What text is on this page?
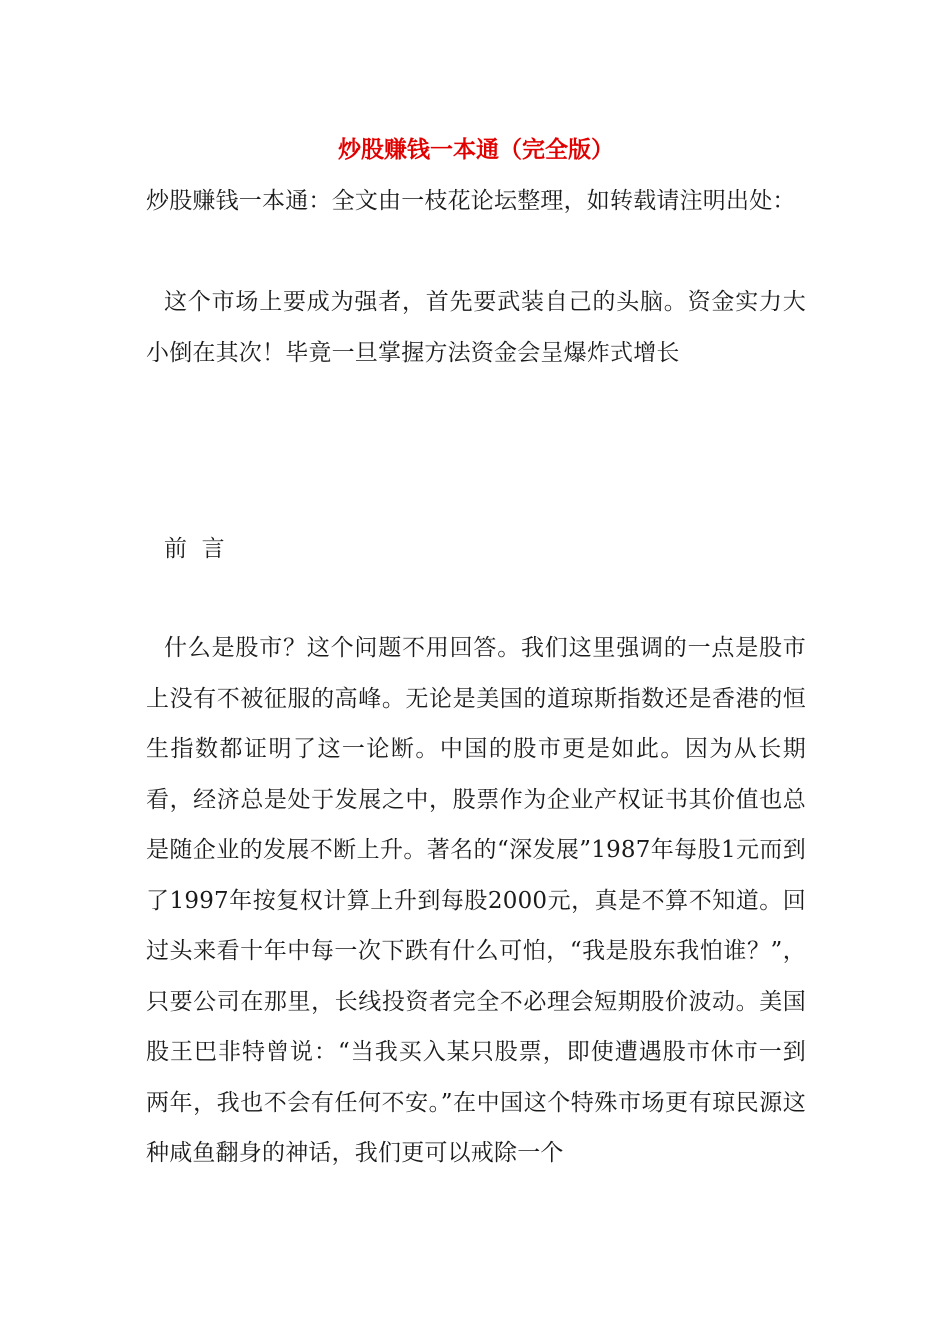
炒股赚钱一本通（完全版）

炒股赚钱一本通：全文由一枝花论坛整理，如转载请注明出处：

这个市场上要成为强者，首先要武装自己的头脑。资金实力大小倒在其次！毕竟一旦掌握方法资金会呈爆炸式增长

前  言

什么是股市？这个问题不用回答。我们这里强调的一点是股市上没有不被征服的高峰。无论是美国的道琼斯指数还是香港的恒生指数都证明了这一论断。中国的股市更是如此。因为从长期看，经济总是处于发展之中，股票作为企业产权证书其价值也总是随企业的发展不断上升。著名的“深发展”1987年每股1元而到了1997年按复权计算上升到每股2000元，真是不算不知道。回过头来看十年中每一次下跌有什么可怕，“我是股东我怕谁？”，只要公司在那里，长线投资者完全不必理会短期股价波动。美国股王巴非特曾说：“当我买入某只股票，即使遭遇股市休市一到两年，我也不会有任何不安。”在中国这个特殊市场更有琼民源这种咸鱼翻身的神话，我们更可以戒除一个
